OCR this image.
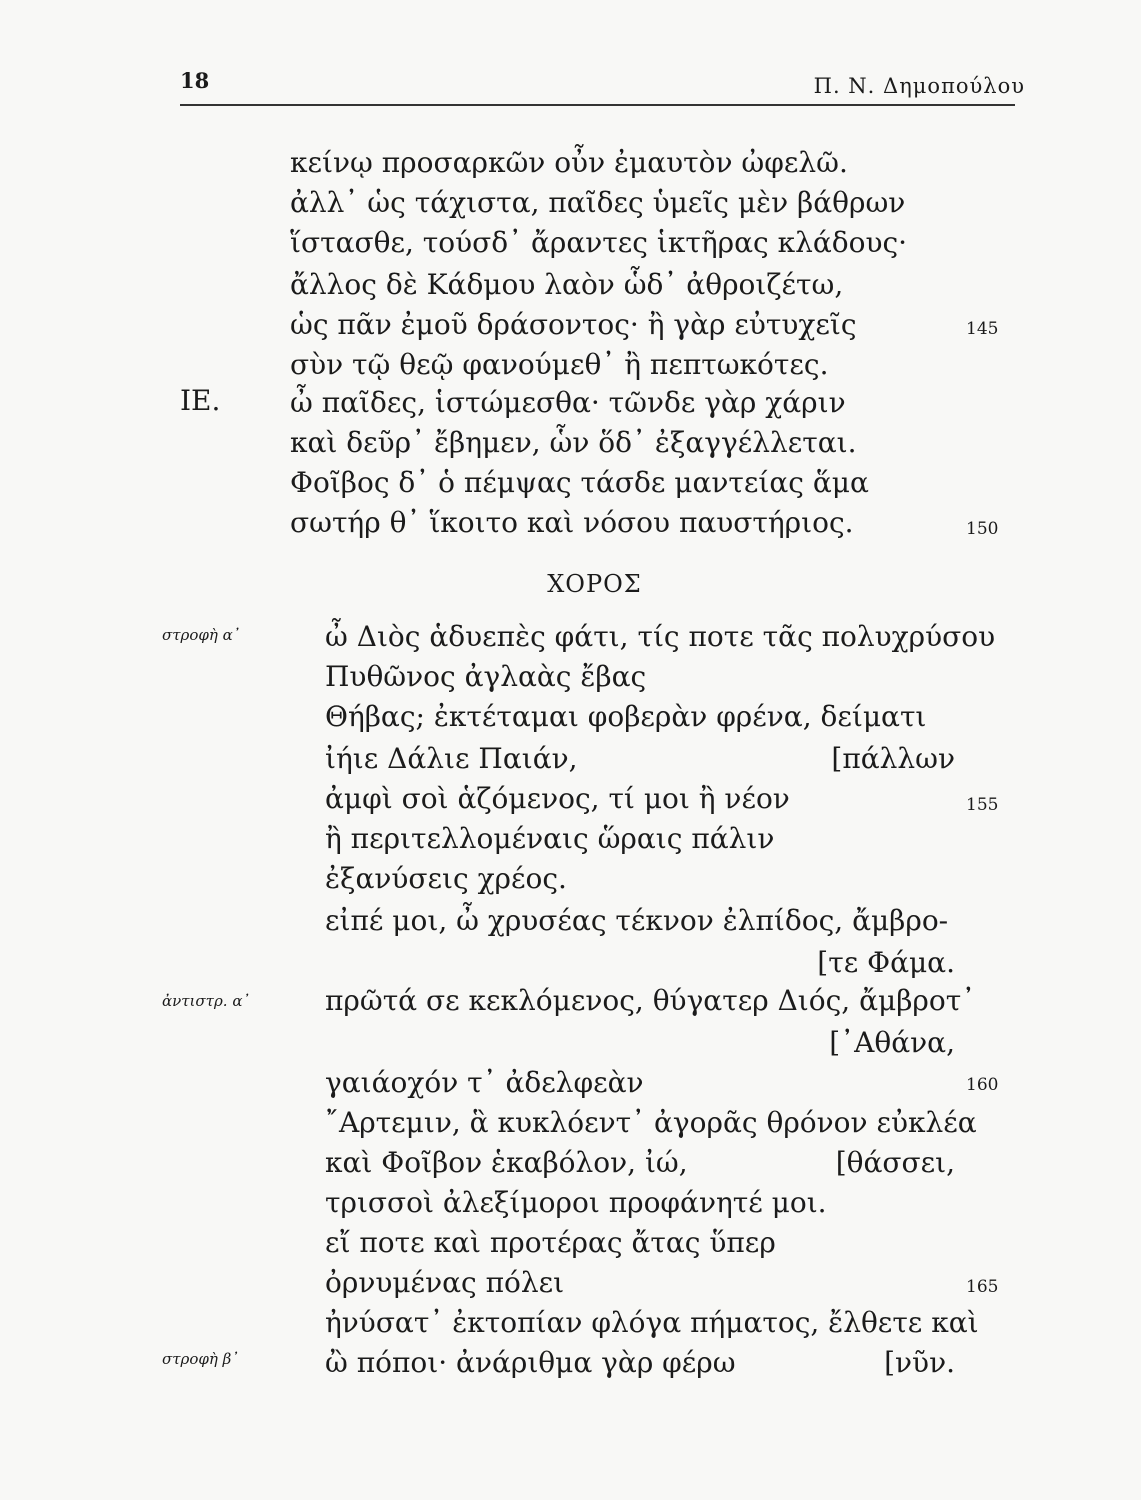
18	Π. Ν. Δημοπούλου
κείνῳ προσαρκῶν οὖν ἐμαυτὸν ὠφελῶ.
ἀλλ᾽ ὡς τάχιστα, παῖδες ὑμεῖς μὲν βάθρων
ἵστασθε, τούσδ᾽ ἄραντες ἱκτῆρας κλάδους·
ἄλλος δὲ Κάδμου λαὸν ὧδ᾽ ἀθροιζέτω,
ὡς πᾶν ἐμοῦ δράσοντος· ἢ γὰρ εὐτυχεῖς	145
σὺν τῷ θεῷ φανούμεθ᾽ ἢ πεπτωκότες.
ΙΕ. ὦ παῖδες, ἱστώμεσθα· τῶνδε γὰρ χάριν
καὶ δεῦρ᾽ ἔβημεν, ὧν ὅδ᾽ ἐξαγγέλλεται.
Φοῖβος δ᾽ ὁ πέμψας τάσδε μαντείας ἅμα
σωτήρ θ᾽ ἵκοιτο καὶ νόσου παυστήριος.	150
ΧΟΡΟΣ
στροφὴ α᾽	ὦ Διὸς ἁδυεπὲς φάτι, τίς ποτε τᾶς πολυχρύσου
Πυθῶνος ἀγλαὰς ἔβας
Θήβας; ἐκτέταμαι φοβερὰν φρένα, δείματι
ἰήιε Δάλιε Παιάν,	[πάλλων
ἀμφὶ σοὶ ἁζόμενος, τί μοι ἢ νέον	155
ἢ περιτελλομέναις ὥραις πάλιν
ἐξανύσεις χρέος.
εἰπέ μοι, ὦ χρυσέας τέκνον ἐλπίδος, ἄμβρο-
[τε Φάμα.
ἀντιστρ. α᾽	πρῶτά σε κεκλόμενος, θύγατερ Διός, ἄμβροτ᾽
[᾽Αθάνα,
γαιάοχόν τ᾽ ἀδελφεὰν	160
῎Αρτεμιν, ἃ κυκλόεντ᾽ ἀγορᾶς θρόνον εὐκλέα
καὶ Φοῖβον ἑκαβόλον, ἰώ,	[θάσσει,
τρισσοὶ ἀλεξίμοροι προφάνητέ μοι.
εἴ ποτε καὶ προτέρας ἄτας ὕπερ
ὀρνυμένας πόλει	165
ἠνύσατ᾽ ἐκτοπίαν φλόγα πήματος, ἔλθετε καὶ
στροφὴ β᾽	ὢ πόποι· ἀνάριθμα γὰρ φέρω	[νῦν.
